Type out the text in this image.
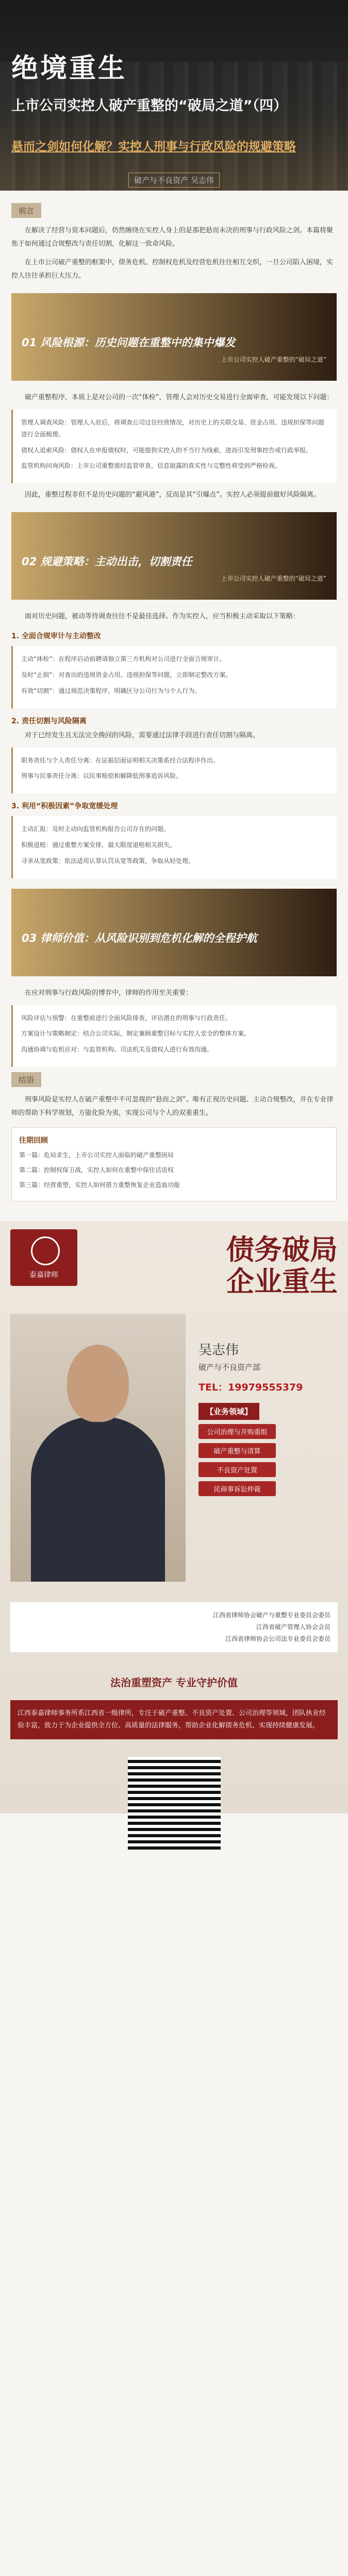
绝境重生
上市公司实控人破产重整的“破局之道”（四）
悬而之剑如何化解？实控人刑事与行政风险的规避策略
破产与不良资产 吴志伟
前言

在解决了经营与资本问题后，仍然缠绕在实控人身上的是那把悬而未决的刑事与行政风险之剑。本篇将聚焦于如何通过合规整改与责任切割，化解这一致命风险。

在上市公司破产重整的框架中，债务危机、控制权危机及经营危机往往相互交织，一旦公司陷入困境，实控人往往承担巨大压力。

01 风险根源：历史问题在重整中的集中爆发
上市公司实控人破产重整的“破局之道”

破产重整程序，本质上是对公司的一次“体检”，管理人会对历史交易进行全面审查，可能发现以下问题：

管理人调查风险：管理人入驻后，将调查公司过往经营情况，对历史上的关联交易、资金占用、违规担保等问题进行全面梳理。
债权人追索风险：债权人在申报债权时，可能提供实控人的不当行为线索，进而引发刑事控告或行政举报。
监管机构问询风险：上市公司重整需经监管审查，信息披露的真实性与完整性将受到严格检视。

因此，重整过程非但不是历史问题的“避风港”，反而是其“引爆点”。实控人必须提前做好风险隔离。

02 规避策略：主动出击，切割责任
上市公司实控人破产重整的“破局之道”

面对历史问题，被动等待调查往往不是最佳选择。作为实控人，应当积极主动采取以下策略：

1. 全面合规审计与主动整改
主动“体检”：在程序启动前聘请独立第三方机构对公司进行全面合规审计。
及时“止损”：对查出的违规资金占用、违规担保等问题，立即制定整改方案。
有效“切割”：通过规范决策程序，明确区分公司行为与个人行为。
2. 责任切割与风险隔离

对于已经发生且无法完全挽回的风险，需要通过法律手段进行责任切割与隔离。

职务责任与个人责任分离：在证据层面证明相关决策系经合法程序作出。
刑事与民事责任分离：以民事赔偿和解降低刑事追诉风险。
3. 利用“积极因素”争取宽缓处理
主动汇报：及时主动向监管机构报告公司存在的问题。
积极退赔：通过重整方案安排，最大限度退赔相关损失。
寻求从宽政策：依法适用认罪认罚从宽等政策，争取从轻处理。
03 律师价值：从风险识别到危机化解的全程护航

在应对刑事与行政风险的博弈中，律师的作用至关重要：

风险评估与预警：在重整前进行全面风险排查，评估潜在的刑事与行政责任。
方案设计与策略制定：结合公司实际，制定兼顾重整目标与实控人安全的整体方案。
沟通协调与危机应对：与监管机构、司法机关及债权人进行有效沟通。
结语

刑事风险是实控人在破产重整中不可忽视的“悬而之剑”。唯有正视历史问题、主动合规整改，并在专业律师的帮助下科学规划，方能化险为夷，实现公司与个人的双重重生。

往期回顾
第一篇：危局求生，上市公司实控人面临的破产重整困局
第二篇：控制权保卫战，实控人如何在重整中保住话语权
第三篇：经营重塑，实控人如何借力重整恢复企业造血功能
泰嘉律师
债务破局
企业重生
吴志伟
破产与不良资产部
TEL：19979555379
【业务领域】
公司治理与并购重组
破产重整与清算
不良资产处置
民商事诉讼仲裁
江西省律师协会破产与重整专业委员会委员
江西省破产管理人协会会员
江西省律师协会公司法专业委员会委员
法治重塑资产 专业守护价值
江西泰嘉律师事务所系江西省一级律所，专注于破产重整、不良资产处置、公司治理等领域，团队执业经验丰富，致力于为企业提供全方位、高质量的法律服务，帮助企业化解债务危机、实现持续健康发展。
